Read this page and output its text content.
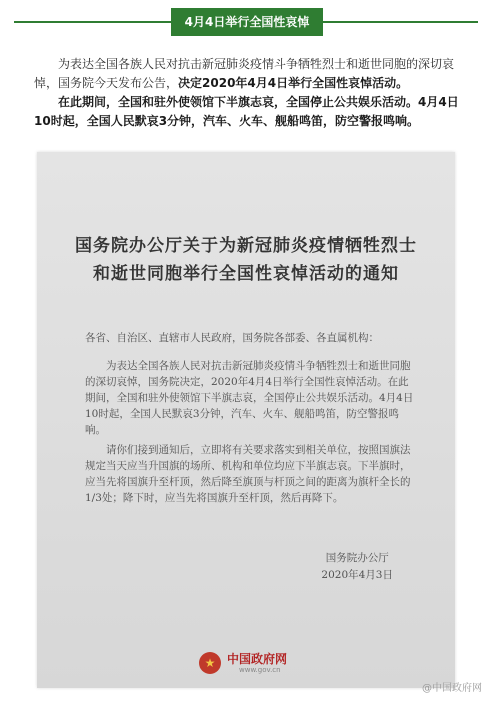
4月4日举行全国性哀悼

为表达全国各族人民对抗击新冠肺炎疫情斗争牺牲烈士和逝世同胞的深切哀悼，国务院今天发布公告，决定2020年4月4日举行全国性哀悼活动。

在此期间，全国和驻外使领馆下半旗志哀，全国停止公共娱乐活动。4月4日10时起，全国人民默哀3分钟，汽车、火车、舰船鸣笛，防空警报鸣响。

国务院办公厅关于为新冠肺炎疫情牺牲烈士
和逝世同胞举行全国性哀悼活动的通知

各省、自治区、直辖市人民政府，国务院各部委、各直属机构：

为表达全国各族人民对抗击新冠肺炎疫情斗争牺牲烈士和逝世同胞的深切哀悼，国务院决定，2020年4月4日举行全国性哀悼活动。在此期间，全国和驻外使领馆下半旗志哀，全国停止公共娱乐活动。4月4日10时起，全国人民默哀3分钟，汽车、火车、舰船鸣笛，防空警报鸣响。

请你们接到通知后，立即将有关要求落实到相关单位，按照国旗法规定当天应当升国旗的场所、机构和单位均应下半旗志哀。下半旗时，应当先将国旗升至杆顶，然后降至旗顶与杆顶之间的距离为旗杆全长的1/3处；降下时，应当先将国旗升至杆顶，然后再降下。

国务院办公厅
2020年4月3日
★ 中国政府网
www.gov.cn
@中国政府网
